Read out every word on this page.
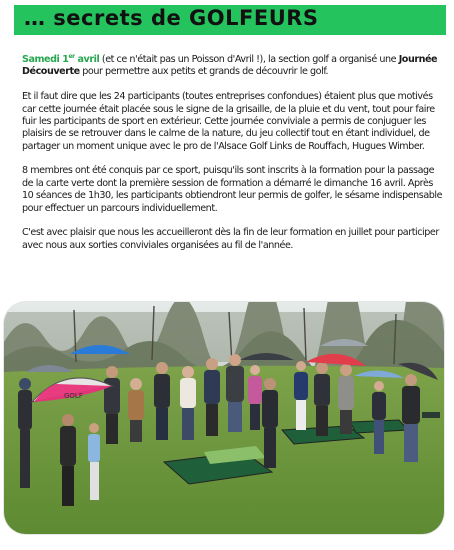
… secrets de GOLFEURS

Samedi 1er avril (et ce n'était pas un Poisson d'Avril !), la section golf a organisé une Journée Découverte pour permettre aux petits et grands de découvrir le golf.

Et il faut dire que les 24 participants (toutes entreprises confondues) étaient plus que motivés car cette journée était placée sous le signe de la grisaille, de la pluie et du vent, tout pour faire fuir les participants de sport en extérieur. Cette journée conviviale a permis de conjuguer les plaisirs de se retrouver dans le calme de la nature, du jeu collectif tout en étant individuel, de partager un moment unique avec le pro de l'Alsace Golf Links de Rouffach, Hugues Wimber.

8 membres ont été conquis par ce sport, puisqu'ils sont inscrits à la formation pour la passage de la carte verte dont la première session de formation a démarré le dimanche 16 avril. Après 10 séances de 1h30, les participants obtiendront leur permis de golfer, le sésame indispensable pour effectuer un parcours individuellement.

C'est avec plaisir que nous les accueilleront dès la fin de leur formation en juillet pour participer avec nous aux sorties conviviales organisées au fil de l'année.

GOLF
